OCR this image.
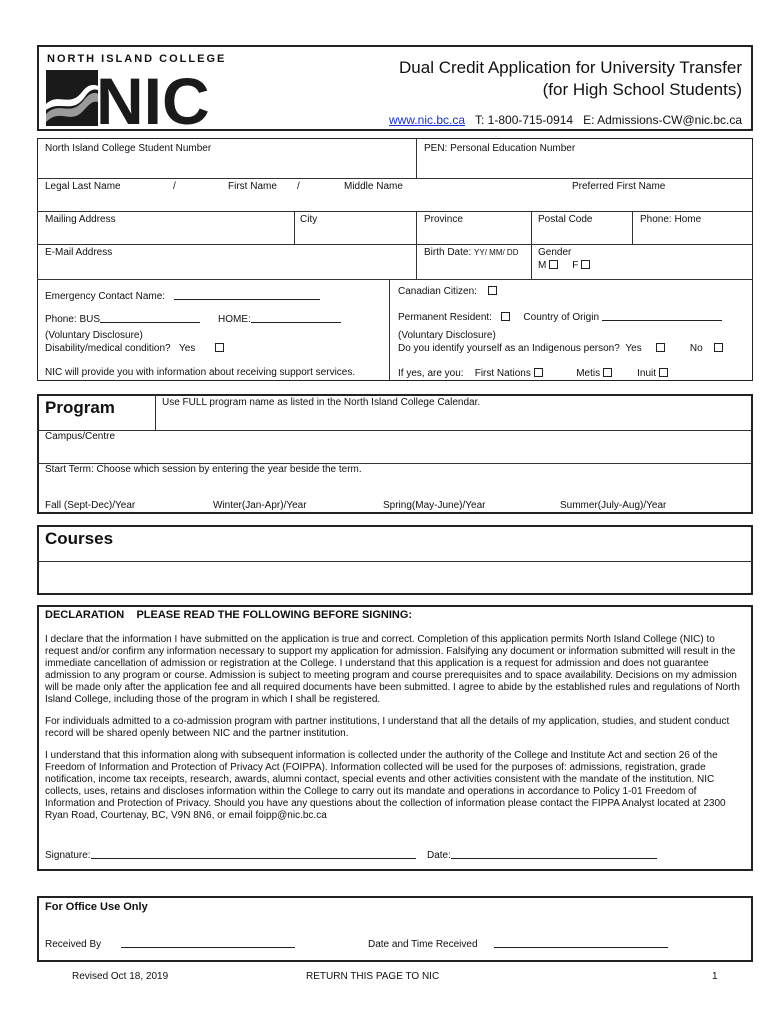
NORTH ISLAND COLLEGE
NIC	Dual Credit Application for University Transfer
(for High School Students)
www.nic.bc.ca T: 1-800-715-0914 E: Admissions-CW@nic.bc.ca
North Island College Student Number	PEN: Personal Education Number
Legal Last Name	/	First Name /	Middle Name	Preferred First Name
Mailing Address	City	Province	Postal Code	Phone: Home
E-Mail Address	Birth Date: YY/ MM/ DD Gender
M	F
Emergency Contact Name:
Phone: BUS	HOME:
(Voluntary Disclosure)
Disability/medical condition? Yes
NIC will provide you with information about receiving support services.
Canadian Citizen:
Permanent Resident:	Country of Origin
(Voluntary Disclosure)
Do you identify yourself as an Indigenous person? Yes	No
If yes, are you: First Nations	Metis	Inuit
Program	Use FULL program name as listed in the North Island College Calendar.
Campus/Centre
Start Term: Choose which session by entering the year beside the term.
Fall (Sept-Dec)/Year	Winter(Jan-Apr)/Year	Spring(May-June)/Year	Summer(July-Aug)/Year
Courses
DECLARATION    PLEASE READ THE FOLLOWING BEFORE SIGNING:

I declare that the information I have submitted on the application is true and correct. Completion of this application permits North Island College (NIC) to request and/or confirm any information necessary to support my application for admission. Falsifying any document or information submitted will result in the immediate cancellation of admission or registration at the College. I understand that this application is a request for admission and does not guarantee admission to any program or course. Admission is subject to meeting program and course prerequisites and to space availability. Decisions on my admission will be made only after the application fee and all required documents have been submitted. I agree to abide by the established rules and regulations of North Island College, including those of the program in which I shall be registered.

For individuals admitted to a co-admission program with partner institutions, I understand that all the details of my application, studies, and student conduct record will be shared openly between NIC and the partner institution.

I understand that this information along with subsequent information is collected under the authority of the College and Institute Act and section 26 of the Freedom of Information and Protection of Privacy Act (FOIPPA). Information collected will be used for the purposes of: admissions, registration, grade notification, income tax receipts, research, awards, alumni contact, special events and other activities consistent with the mandate of the institution. NIC collects, uses, retains and discloses information within the College to carry out its mandate and operations in accordance to Policy 1-01 Freedom of Information and Protection of Privacy. Should you have any questions about the collection of information please contact the FIPPA Analyst located at 2300 Ryan Road, Courtenay, BC, V9N 8N6, or email foipp@nic.bc.ca

Signature:	Date:
For Office Use Only
Received By	Date and Time Received
Revised Oct 18, 2019	RETURN THIS PAGE TO NIC	1
